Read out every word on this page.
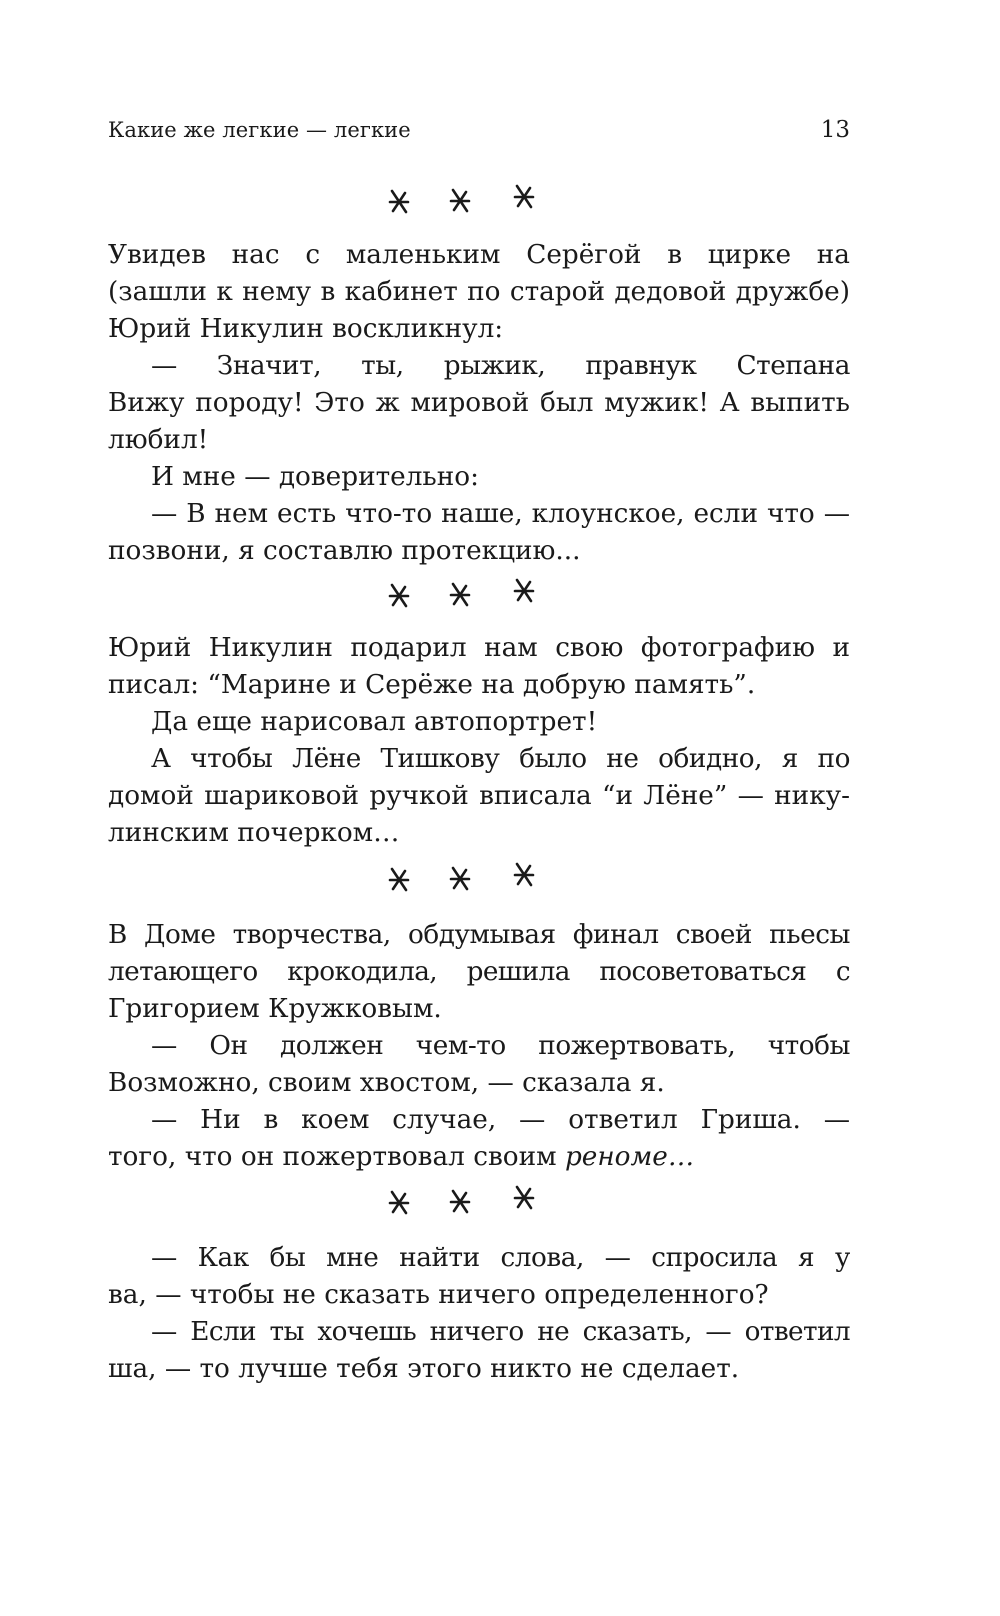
Какие же легкие — легкие	13
Увидев нас с маленьким Серёгой в цирке на
(зашли к нему в кабинет по старой дедовой дружбе)
Юрий Никулин воскликнул:
— Значит, ты, рыжик, правнук Степана
Вижу породу! Это ж мировой был мужик! А выпить
любил!
И мне — доверительно:
— В нем есть что-то наше, клоунское, если что —
позвони, я составлю протекцию...
Юрий Никулин подарил нам свою фотографию и
писал: “Марине и Серёже на добрую память”.
Да еще нарисовал автопортрет!
А чтобы Лёне Тишкову было не обидно, я по
домой шариковой ручкой вписала “и Лёне” — нику-
линским почерком…
В Доме творчества, обдумывая финал своей пьесы
летающего крокодила, решила посоветоваться с
Григорием Кружковым.
— Он должен чем-то пожертвовать, чтобы
Возможно, своим хвостом, — сказала я.
— Ни в коем случае, — ответил Гриша. —
того, что он пожертвовал своим реноме…
— Как бы мне найти слова, — спросила я у
ва, — чтобы не сказать ничего определенного?
— Если ты хочешь ничего не сказать, — ответил
ша, — то лучше тебя этого никто не сделает.
